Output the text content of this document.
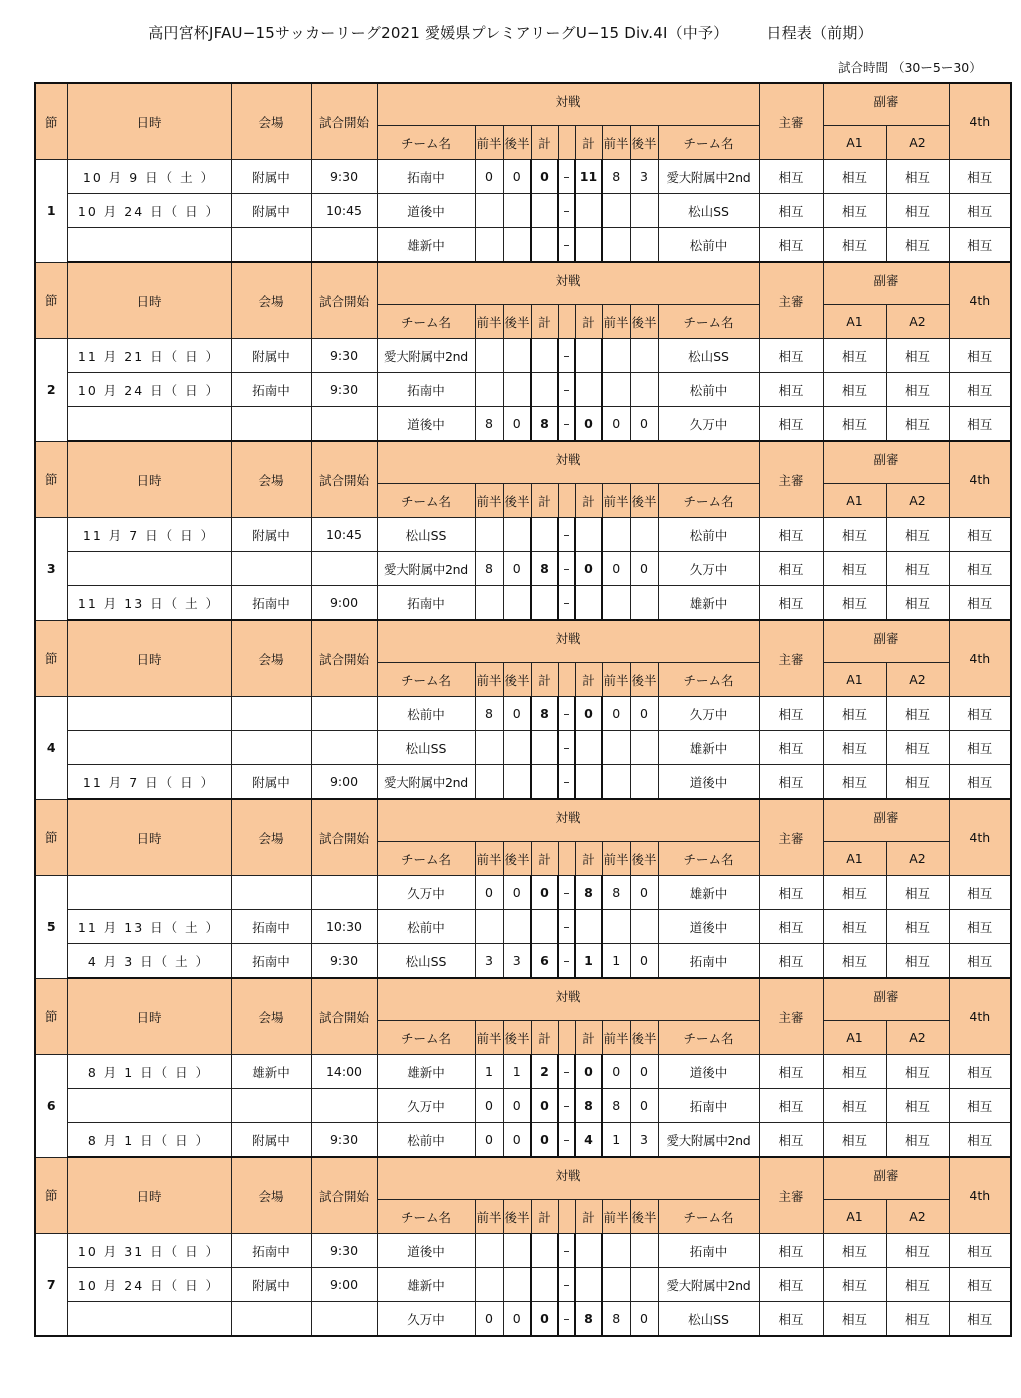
高円宮杯JFAU−15サッカーリーグ2021 愛媛県プレミアリーグU−15 Div.4Ⅰ（中予）	日程表（前期）
試合時間 （30ー5ー30）
節	日時	会場	試合開始	対戦									主審	副審		4th
				チーム名	前半	後半	計		計	前半	後半	チーム名		A1	A2	
1	10 月 9 日（ 土 ）	附属中	9:30	拓南中	0	0	0	–	11	8	3	愛大附属中2nd	相互	相互	相互	相互
	10 月 24 日（ 日 ）	附属中	10:45	道後中				–				松山SS	相互	相互	相互	相互
				雄新中				–				松前中	相互	相互	相互	相互
節	日時	会場	試合開始	対戦									主審	副審		4th
				チーム名	前半	後半	計		計	前半	後半	チーム名		A1	A2	
2	11 月 21 日（ 日 ）	附属中	9:30	愛大附属中2nd				–				松山SS	相互	相互	相互	相互
	10 月 24 日（ 日 ）	拓南中	9:30	拓南中				–				松前中	相互	相互	相互	相互
				道後中	8	0	8	–	0	0	0	久万中	相互	相互	相互	相互
節	日時	会場	試合開始	対戦									主審	副審		4th
				チーム名	前半	後半	計		計	前半	後半	チーム名		A1	A2	
3	11 月 7 日（ 日 ）	附属中	10:45	松山SS				–				松前中	相互	相互	相互	相互
				愛大附属中2nd	8	0	8	–	0	0	0	久万中	相互	相互	相互	相互
	11 月 13 日（ 土 ）	拓南中	9:00	拓南中				–				雄新中	相互	相互	相互	相互
節	日時	会場	試合開始	対戦									主審	副審		4th
				チーム名	前半	後半	計		計	前半	後半	チーム名		A1	A2	
4				松前中	8	0	8	–	0	0	0	久万中	相互	相互	相互	相互
				松山SS				–				雄新中	相互	相互	相互	相互
	11 月 7 日（ 日 ）	附属中	9:00	愛大附属中2nd				–				道後中	相互	相互	相互	相互
節	日時	会場	試合開始	対戦									主審	副審		4th
				チーム名	前半	後半	計		計	前半	後半	チーム名		A1	A2	
5				久万中	0	0	0	–	8	8	0	雄新中	相互	相互	相互	相互
	11 月 13 日（ 土 ）	拓南中	10:30	松前中				–				道後中	相互	相互	相互	相互
	4 月 3 日（ 土 ）	拓南中	9:30	松山SS	3	3	6	–	1	1	0	拓南中	相互	相互	相互	相互
節	日時	会場	試合開始	対戦									主審	副審		4th
				チーム名	前半	後半	計		計	前半	後半	チーム名		A1	A2	
6	8 月 1 日（ 日 ）	雄新中	14:00	雄新中	1	1	2	–	0	0	0	道後中	相互	相互	相互	相互
				久万中	0	0	0	–	8	8	0	拓南中	相互	相互	相互	相互
	8 月 1 日（ 日 ）	附属中	9:30	松前中	0	0	0	–	4	1	3	愛大附属中2nd	相互	相互	相互	相互
節	日時	会場	試合開始	対戦									主審	副審		4th
				チーム名	前半	後半	計		計	前半	後半	チーム名		A1	A2	
7	10 月 31 日（ 日 ）	拓南中	9:30	道後中				–				拓南中	相互	相互	相互	相互
	10 月 24 日（ 日 ）	附属中	9:00	雄新中				–				愛大附属中2nd	相互	相互	相互	相互
				久万中	0	0	0	–	8	8	0	松山SS	相互	相互	相互	相互
